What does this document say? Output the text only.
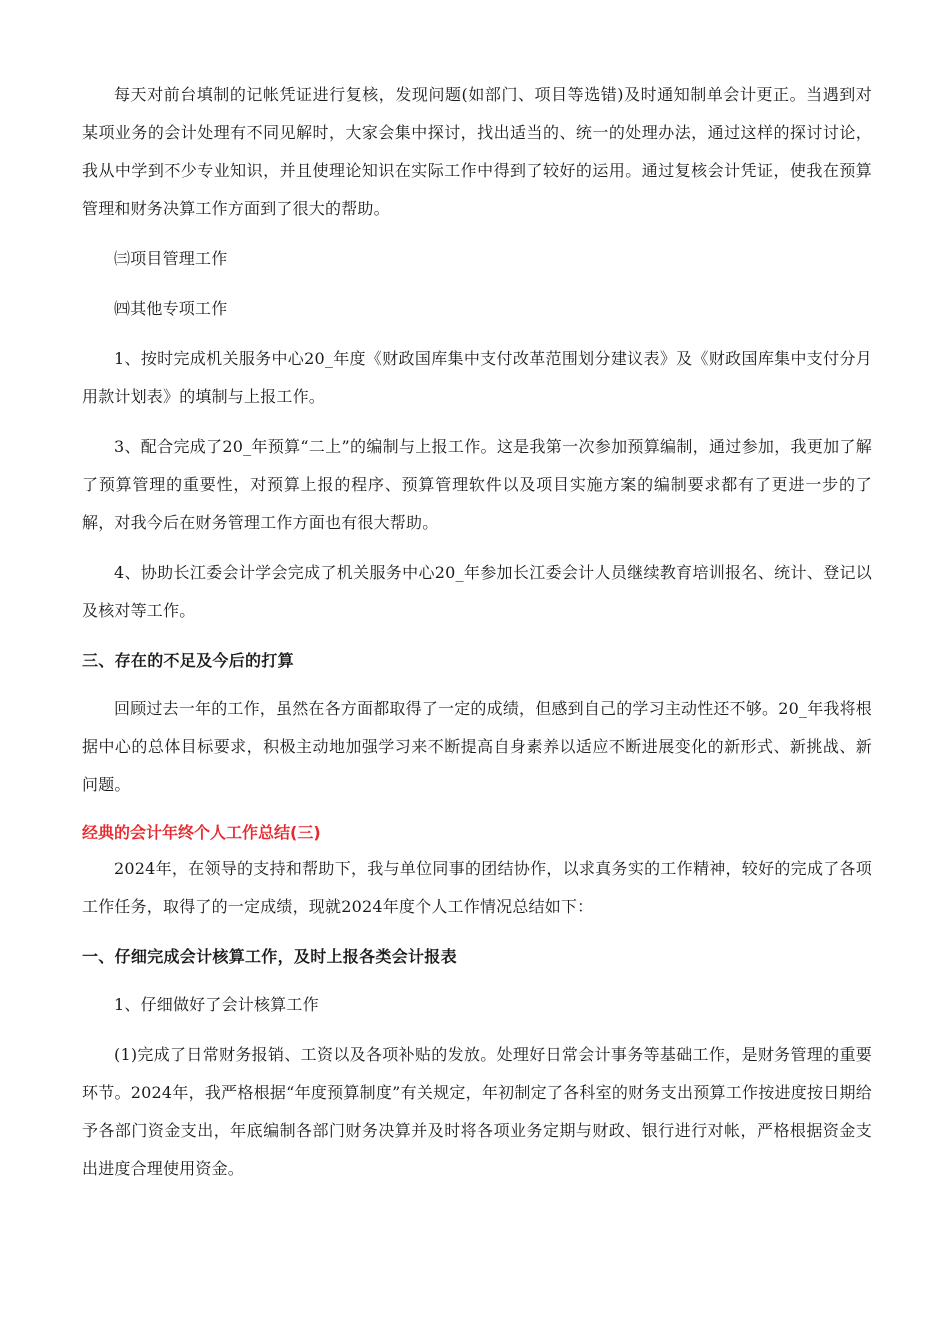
每天对前台填制的记帐凭证进行复核，发现问题(如部门、项目等选错)及时通知制单会计更正。当遇到对某项业务的会计处理有不同见解时，大家会集中探讨，找出适当的、统一的处理办法，通过这样的探讨讨论，我从中学到不少专业知识，并且使理论知识在实际工作中得到了较好的运用。通过复核会计凭证，使我在预算管理和财务决算工作方面到了很大的帮助。

㈢项目管理工作

㈣其他专项工作

1、按时完成机关服务中心20_年度《财政国库集中支付改革范围划分建议表》及《财政国库集中支付分月用款计划表》的填制与上报工作。

3、配合完成了20_年预算“二上”的编制与上报工作。这是我第一次参加预算编制，通过参加，我更加了解了预算管理的重要性，对预算上报的程序、预算管理软件以及项目实施方案的编制要求都有了更进一步的了解，对我今后在财务管理工作方面也有很大帮助。

4、协助长江委会计学会完成了机关服务中心20_年参加长江委会计人员继续教育培训报名、统计、登记以及核对等工作。

三、存在的不足及今后的打算

回顾过去一年的工作，虽然在各方面都取得了一定的成绩，但感到自己的学习主动性还不够。20_年我将根据中心的总体目标要求，积极主动地加强学习来不断提高自身素养以适应不断进展变化的新形式、新挑战、新问题。

经典的会计年终个人工作总结(三)

2024年，在领导的支持和帮助下，我与单位同事的团结协作，以求真务实的工作精神，较好的完成了各项工作任务，取得了的一定成绩，现就2024年度个人工作情况总结如下：

一、仔细完成会计核算工作，及时上报各类会计报表

1、仔细做好了会计核算工作

(1)完成了日常财务报销、工资以及各项补贴的发放。处理好日常会计事务等基础工作，是财务管理的重要环节。2024年，我严格根据“年度预算制度”有关规定，年初制定了各科室的财务支出预算工作按进度按日期给予各部门资金支出，年底编制各部门财务决算并及时将各项业务定期与财政、银行进行对帐，严格根据资金支出进度合理使用资金。
